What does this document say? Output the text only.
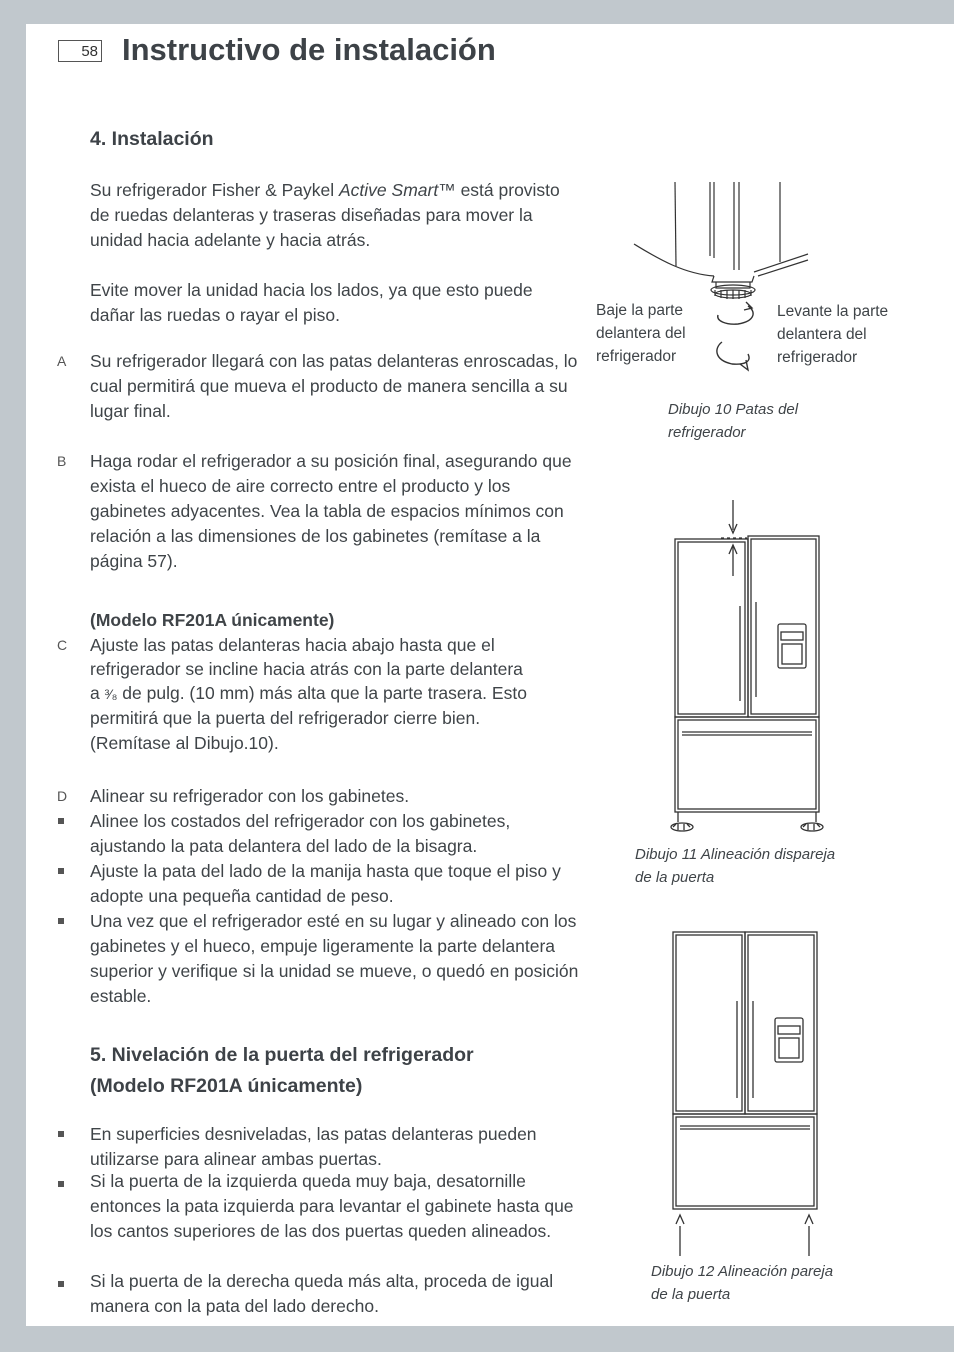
58 Instructivo de instalación
4. Instalación
Su refrigerador Fisher & Paykel Active Smart™ está provisto de ruedas delanteras y traseras diseñadas para mover la unidad hacia adelante y hacia atrás.
Evite mover la unidad hacia los lados, ya que esto puede dañar las ruedas o rayar el piso.
A Su refrigerador llegará con las patas delanteras enroscadas, lo cual permitirá que mueva el producto de manera sencilla a su lugar final.
B Haga rodar el refrigerador a su posición final, asegurando que exista el hueco de aire correcto entre el producto y los gabinetes adyacentes. Vea la tabla de espacios mínimos con relación a las dimensiones de los gabinetes (remítase a la página 57).
(Modelo RF201A únicamente)
C Ajuste las patas delanteras hacia abajo hasta que el
refrigerador se incline hacia atrás con la parte delantera
a ³⁄₈ de pulg. (10 mm) más alta que la parte trasera. Esto
permitirá que la puerta del refrigerador cierre bien.
(Remítase al Dibujo.10).
D Alinear su refrigerador con los gabinetes.
Alinee los costados del refrigerador con los gabinetes, ajustando la pata delantera del lado de la bisagra.
Ajuste la pata del lado de la manija hasta que toque el piso y adopte una pequeña cantidad de peso.
Una vez que el refrigerador esté en su lugar y alineado con los gabinetes y el hueco, empuje ligeramente la parte delantera superior y verifique si la unidad se mueve, o quedó en posición estable.
5. Nivelación de la puerta del refrigerador
(Modelo RF201A únicamente)
En superficies desniveladas, las patas delanteras pueden utilizarse para alinear ambas puertas.
Si la puerta de la izquierda queda muy baja, desatornille entonces la pata izquierda para levantar el gabinete hasta que los cantos superiores de las dos puertas queden alineados.
Si la puerta de la derecha queda más alta, proceda de igual manera con la pata del lado derecho.
Baje la parte
delantera del
refrigerador
Levante la parte
delantera del
refrigerador
Dibujo 10 Patas del
refrigerador
Dibujo 11 Alineación dispareja
de la puerta
Dibujo 12 Alineación pareja
de la puerta
